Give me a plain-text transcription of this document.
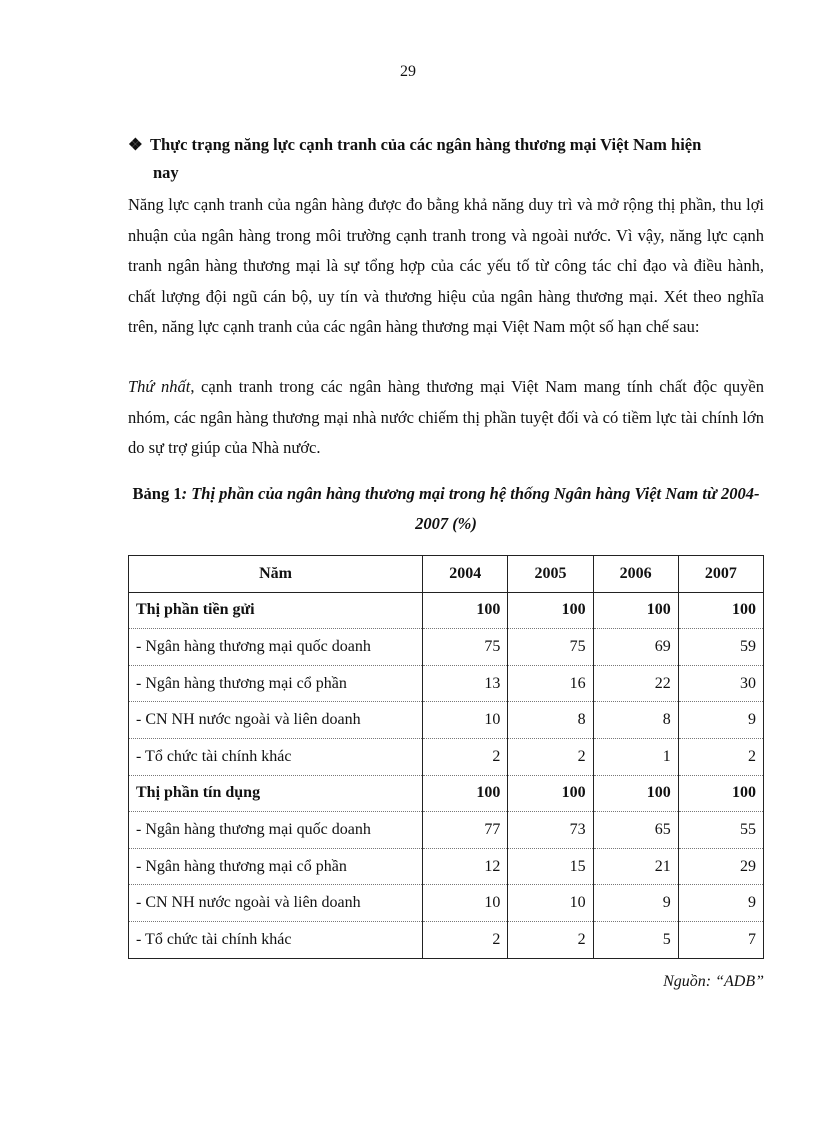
29
❖ Thực trạng năng lực cạnh tranh của các ngân hàng thương mại Việt Nam hiện
nay
Năng lực cạnh tranh của ngân hàng được đo bằng khả năng duy trì và mở rộng thị phần, thu lợi nhuận của ngân hàng trong môi trường cạnh tranh trong và ngoài nước. Vì vậy, năng lực cạnh tranh ngân hàng thương mại là sự tổng hợp của các yếu tố từ công tác chỉ đạo và điều hành, chất lượng đội ngũ cán bộ, uy tín và thương hiệu của ngân hàng thương mại. Xét theo nghĩa trên, năng lực cạnh tranh của các ngân hàng thương mại Việt Nam một số hạn chế sau:
Thứ nhất, cạnh tranh trong các ngân hàng thương mại Việt Nam mang tính chất độc quyền nhóm, các ngân hàng thương mại nhà nước chiếm thị phần tuyệt đối và có tiềm lực tài chính lớn do sự trợ giúp của Nhà nước.
Bảng 1: Thị phần của ngân hàng thương mại trong hệ thống Ngân hàng Việt Nam từ 2004-2007 (%)
Năm	2004	2005	2006	2007
Thị phần tiền gửi	100	100	100	100
- Ngân hàng thương mại quốc doanh	75	75	69	59
- Ngân hàng thương mại cổ phần	13	16	22	30
- CN NH nước ngoài và liên doanh	10	8	8	9
- Tổ chức tài chính khác	2	2	1	2
Thị phần tín dụng	100	100	100	100
- Ngân hàng thương mại quốc doanh	77	73	65	55
- Ngân hàng thương mại cổ phần	12	15	21	29
- CN NH nước ngoài và liên doanh	10	10	9	9
- Tổ chức tài chính khác	2	2	5	7
Nguồn: “ADB”
